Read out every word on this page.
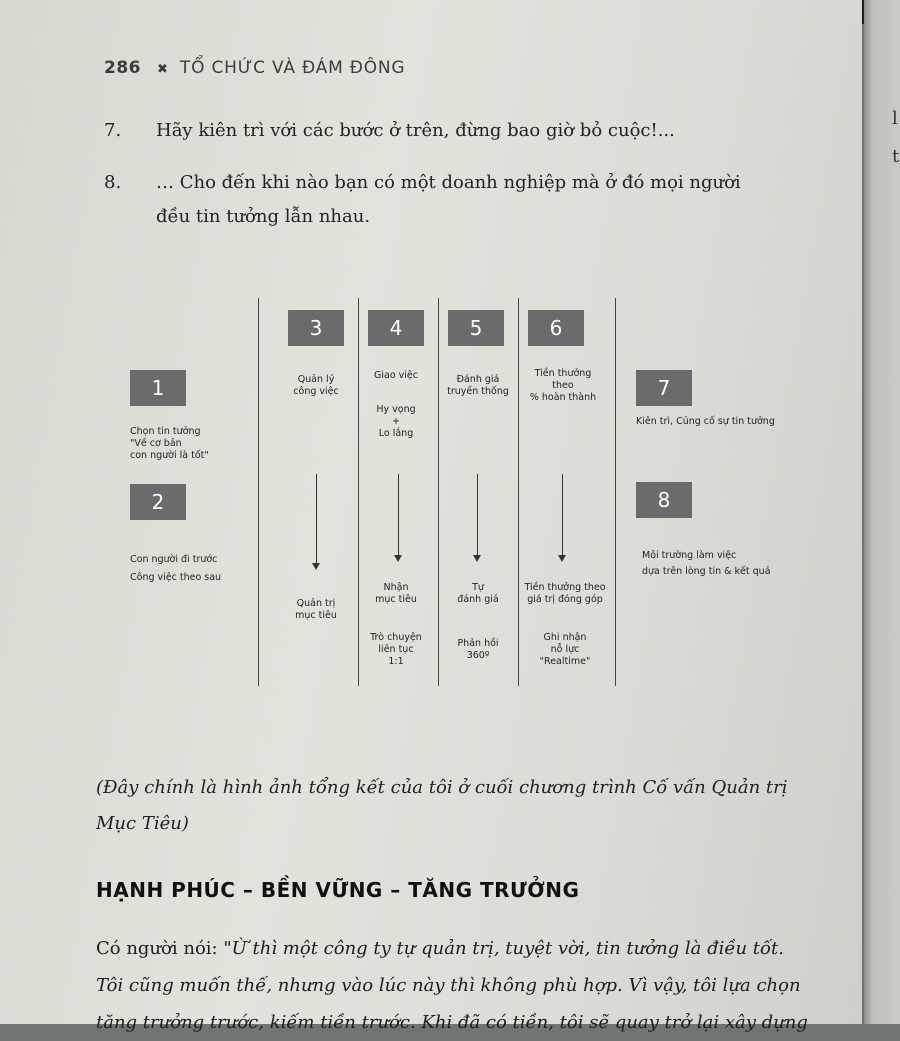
l
t
286 ✖ TỔ CHỨC VÀ ĐÁM ĐÔNG
7. Hãy kiên trì với các bước ở trên, đừng bao giờ bỏ cuộc!...
8. … Cho đến khi nào bạn có một doanh nghiệp mà ở đó mọi người
đều tin tưởng lẫn nhau.
1
2
3	4	5	6
7
8
Chọn tin tưởng
"Về cơ bản
con người là tốt"
Con người đi trước
Công việc theo sau
Quản lý
công việc
Quản trị
mục tiêu
Giao việc
Hy vọng
+
Lo lắng
Nhận
mục tiêu
Trò chuyện
liên tục
1:1
Đánh giá
truyền thống
Tự
đánh giá
Phản hồi
360º
Tiền thưởng
theo
% hoàn thành
Tiền thưởng theo
giá trị đóng góp
Ghi nhận
nỗ lực
"Realtime"
Kiên trì, Củng cố sự tin tưởng
Môi trường làm việc
dựa trên lòng tin & kết quả
(Đây chính là hình ảnh tổng kết của tôi ở cuối chương trình Cố vấn Quản trị
Mục Tiêu)
HẠNH PHÚC – BỀN VỮNG – TĂNG TRƯỞNG
Có người nói: "Ừ thì một công ty tự quản trị, tuyệt vời, tin tưởng là điều tốt.
Tôi cũng muốn thế, nhưng vào lúc này thì không phù hợp. Vì vậy, tôi lựa chọn
tăng trưởng trước, kiếm tiền trước. Khi đã có tiền, tôi sẽ quay trở lại xây dựng
